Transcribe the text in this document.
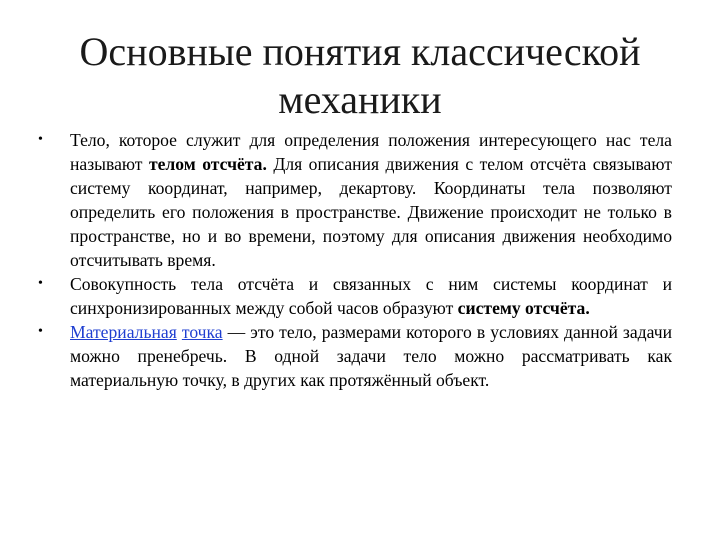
Основные понятия классической
механики
• Тело, которое служит для определения положения интересующего нас тела называют телом отсчёта. Для описания движения с телом отсчёта связывают систему координат, например, декартову. Координаты тела позволяют определить его положения в пространстве. Движение происходит не только в пространстве, но и во времени, поэтому для описания движения необходимо отсчитывать время.
• Совокупность тела отсчёта и связанных с ним системы координат и синхронизированных между собой часов образуют систему отсчёта.
• Материальная точка — это тело, размерами которого в условиях данной задачи можно пренебречь. В одной задачи тело можно рассматривать как материальную точку, в других как протяжённый объект.
